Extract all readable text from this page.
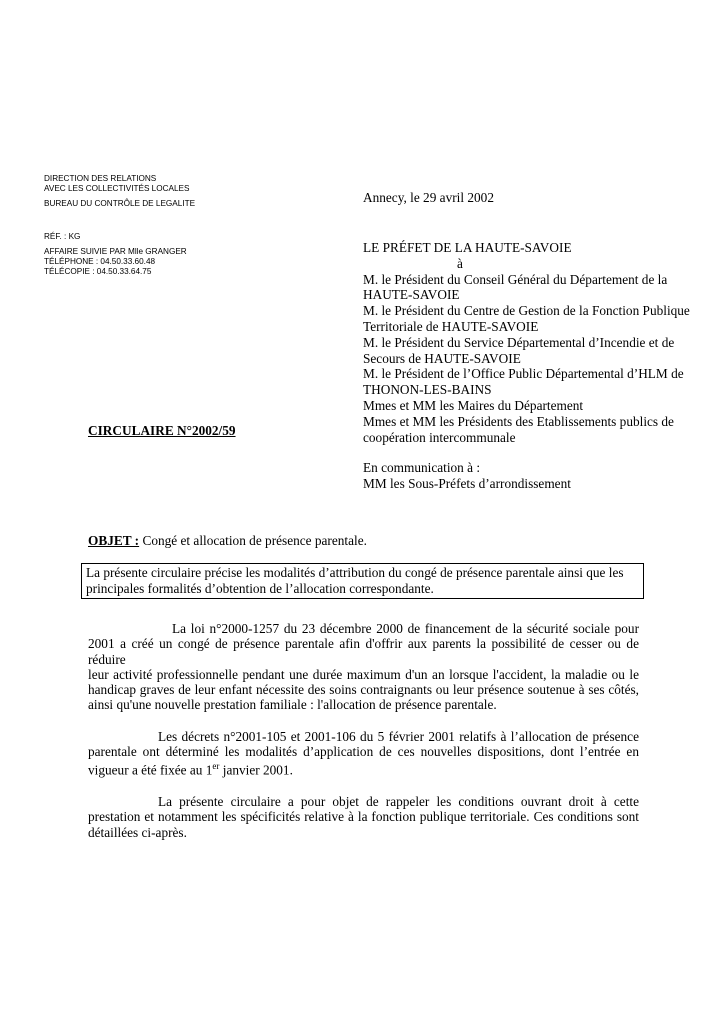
DIRECTION DES RELATIONS
AVEC LES COLLECTIVITÉS LOCALES
BUREAU DU CONTRÔLE DE LEGALITE
RÉF. : KG
AFFAIRE SUIVIE PAR Mlle GRANGER
TÉLÉPHONE : 04.50.33.60.48
TÉLÉCOPIE : 04.50.33.64.75
Annecy, le 29 avril 2002
LE PRÉFET DE LA HAUTE-SAVOIE
à
M. le Président du Conseil Général du Département de la
HAUTE-SAVOIE
M. le Président du Centre de Gestion de la Fonction Publique
Territoriale de HAUTE-SAVOIE
M. le Président du Service Départemental d’Incendie et de
Secours de HAUTE-SAVOIE
M. le Président de l’Office Public Départemental d’HLM de
THONON-LES-BAINS
Mmes et MM les Maires du Département
Mmes et MM les Présidents des Etablissements publics de
coopération intercommunale
En communication à :
MM les Sous-Préfets d’arrondissement
CIRCULAIRE N°2002/59
OBJET : Congé et allocation de présence parentale.
La présente circulaire précise les modalités d’attribution du congé de présence parentale ainsi que les
principales formalités d’obtention de l’allocation correspondante.
La loi n°2000-1257 du 23 décembre 2000 de financement de la sécurité sociale pour
2001 a créé un congé de présence parentale afin d'offrir aux parents la possibilité de cesser ou de réduire
leur activité professionnelle pendant une durée maximum d'un an lorsque l'accident, la maladie ou le
handicap graves de leur enfant nécessite des soins contraignants ou leur présence soutenue à ses côtés,
ainsi qu'une nouvelle prestation familiale : l'allocation de présence parentale.
Les décrets n°2001-105 et 2001-106 du 5 février 2001 relatifs à l’allocation de présence
parentale ont déterminé les modalités d’application de ces nouvelles dispositions, dont l’entrée en
vigueur a été fixée au 1er janvier 2001.
La présente circulaire a pour objet de rappeler les conditions ouvrant droit à cette
prestation et notamment les spécificités relative à la fonction publique territoriale. Ces conditions sont
détaillées ci-après.
